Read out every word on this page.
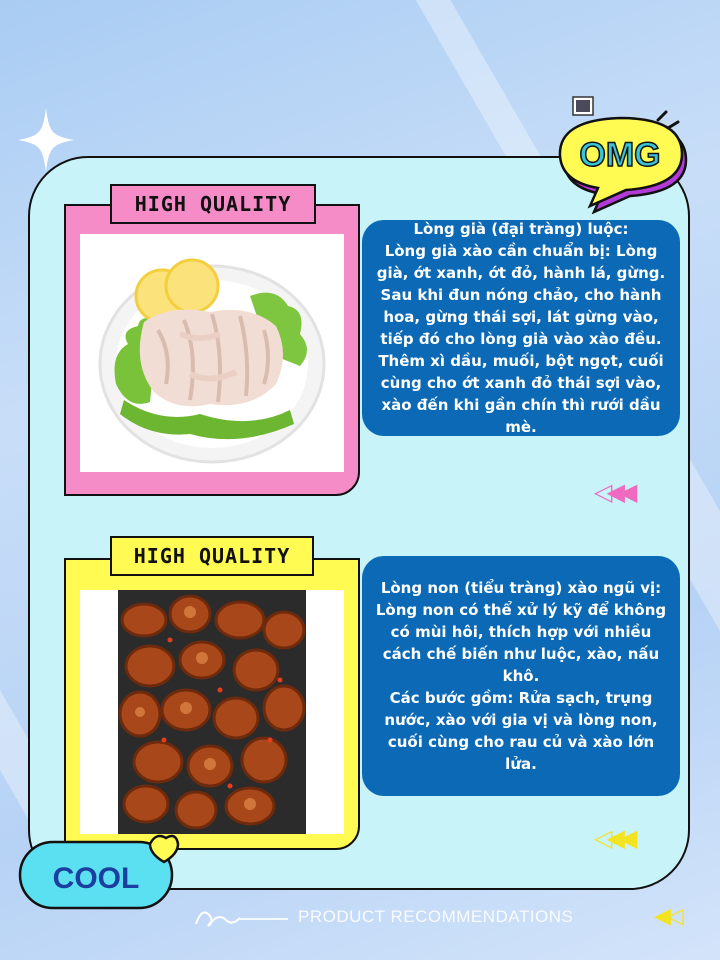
HIGH QUALITY

Lòng già (đại tràng) luộc:
Lòng già xào cần chuẩn bị: Lòng già, ớt xanh, ớt đỏ, hành lá, gừng.
Sau khi đun nóng chảo, cho hành hoa, gừng thái sợi, lát gừng vào, tiếp đó cho lòng già vào xào đều.
Thêm xì dầu, muối, bột ngọt, cuối cùng cho ớt xanh đỏ thái sợi vào, xào đến khi gần chín thì rưới dầu mè.

◁◀◀
HIGH QUALITY

Lòng non (tiểu tràng) xào ngũ vị:
Lòng non có thể xử lý kỹ để không có mùi hôi, thích hợp với nhiều cách chế biến như luộc, xào, nấu khô.
Các bước gồm: Rửa sạch, trụng nước, xào với gia vị và lòng non, cuối cùng cho rau củ và xào lớn lửa.

◁◀◀
OMG
COOL
PRODUCT RECOMMENDATIONS	◀◁
